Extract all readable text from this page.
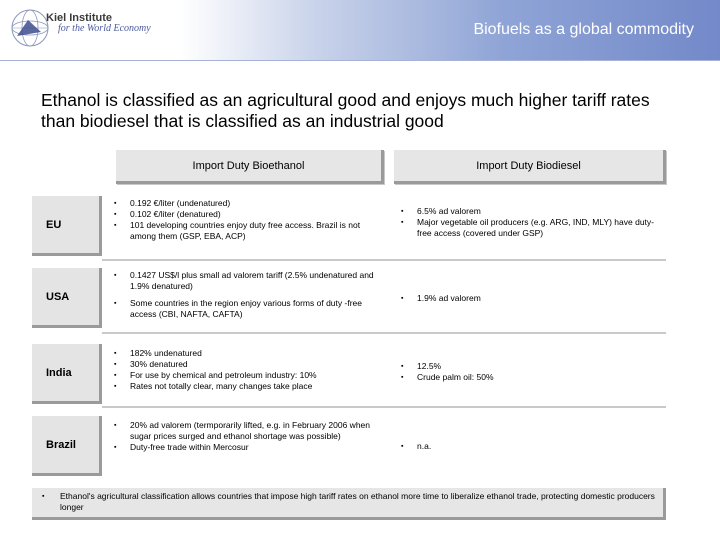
Kiel Institute
for the World Economy	Biofuels as a global commodity
Ethanol is classified as an agricultural good and enjoys much higher tariff rates than biodiesel that is classified as an industrial good
Import Duty Bioethanol	Import Duty Biodiesel
EU
▪ 0.192 €/liter (undenatured)
▪ 0.102 €/liter (denatured)
▪ 101 developing countries enjoy duty free access. Brazil is not among them (GSP, EBA, ACP)
▪ 6.5% ad valorem
▪ Major vegetable oil producers (e.g. ARG, IND, MLY) have duty-free access (covered under GSP)
USA
▪ 0.1427 US$/l plus small ad valorem tariff (2.5% undenatured and 1.9% denatured)
▪ Some countries in the region enjoy various forms of duty -free access (CBI, NAFTA, CAFTA)
▪ 1.9% ad valorem
India
▪ 182% undenatured
▪ 30% denatured
▪ For use by chemical and petroleum industry: 10%
▪ Rates not totally clear, many changes take place
▪ 12.5%
▪ Crude palm oil: 50%
Brazil
▪ 20% ad valorem (termporarily lifted, e.g. in February 2006 when sugar prices surged and ethanol shortage was possible)
▪ Duty-free trade within Mercosur
▪	n.a.
▪ Ethanol's agricultural classification allows countries that impose high tariff rates on ethanol more time to liberalize ethanol trade, protecting domestic producers longer
